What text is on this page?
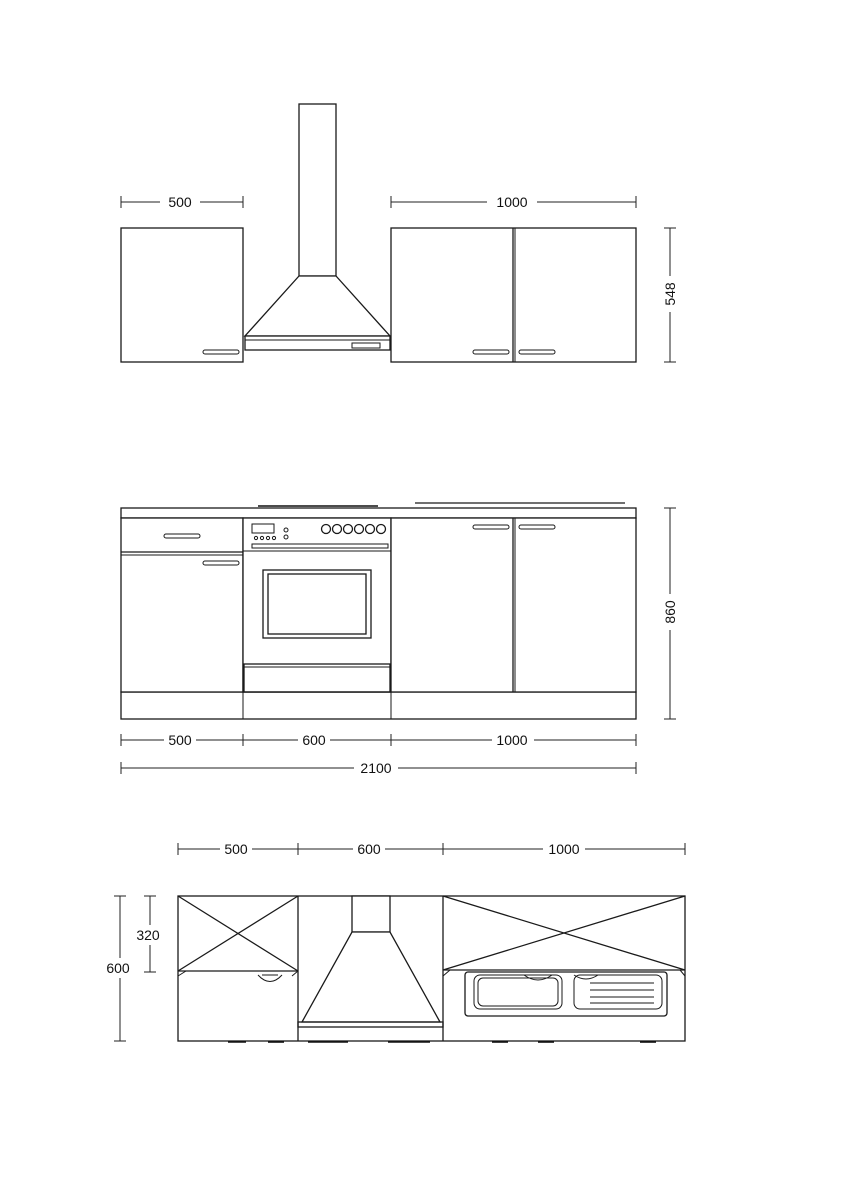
500	1000
548
860
500	600	1000
2100
500	600	1000
320
600
